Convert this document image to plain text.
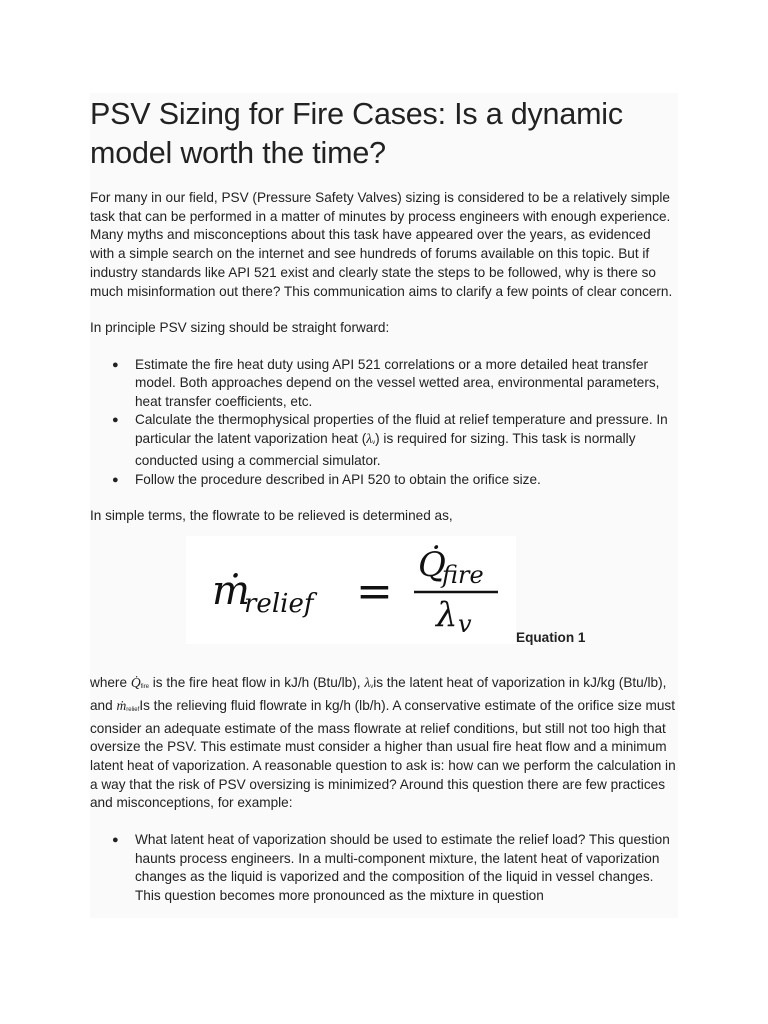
PSV Sizing for Fire Cases: Is a dynamic model worth the time?

For many in our field, PSV (Pressure Safety Valves) sizing is considered to be a relatively simple task that can be performed in a matter of minutes by process engineers with enough experience. Many myths and misconceptions about this task have appeared over the years, as evidenced with a simple search on the internet and see hundreds of forums available on this topic. But if industry standards like API 521 exist and clearly state the steps to be followed, why is there so much misinformation out there? This communication aims to clarify a few points of clear concern.

In principle PSV sizing should be straight forward:

● Estimate the fire heat duty using API 521 correlations or a more detailed heat transfer model. Both approaches depend on the vessel wetted area, environmental parameters, heat transfer coefficients, etc.
● Calculate the thermophysical properties of the fluid at relief temperature and pressure. In particular the latent vaporization heat (λv) is required for sizing. This task is normally conducted using a commercial simulator.
● Follow the procedure described in API 520 to obtain the orifice size.

In simple terms, the flowrate to be relieved is determined as,

ṁ
relief =
Q̇
fire
λ v	Equation 1

where Q̇fire is the fire heat flow in kJ/h (Btu/lb), λvis the latent heat of vaporization in kJ/kg (Btu/lb), and ṁreliefIs the relieving fluid flowrate in kg/h (lb/h). A conservative estimate of the orifice size must consider an adequate estimate of the mass flowrate at relief conditions, but still not too high that oversize the PSV. This estimate must consider a higher than usual fire heat flow and a minimum latent heat of vaporization. A reasonable question to ask is: how can we perform the calculation in a way that the risk of PSV oversizing is minimized? Around this question there are few practices and misconceptions, for example:

● What latent heat of vaporization should be used to estimate the relief load? This question haunts process engineers. In a multi-component mixture, the latent heat of vaporization changes as the liquid is vaporized and the composition of the liquid in vessel changes. This question becomes more pronounced as the mixture in question
